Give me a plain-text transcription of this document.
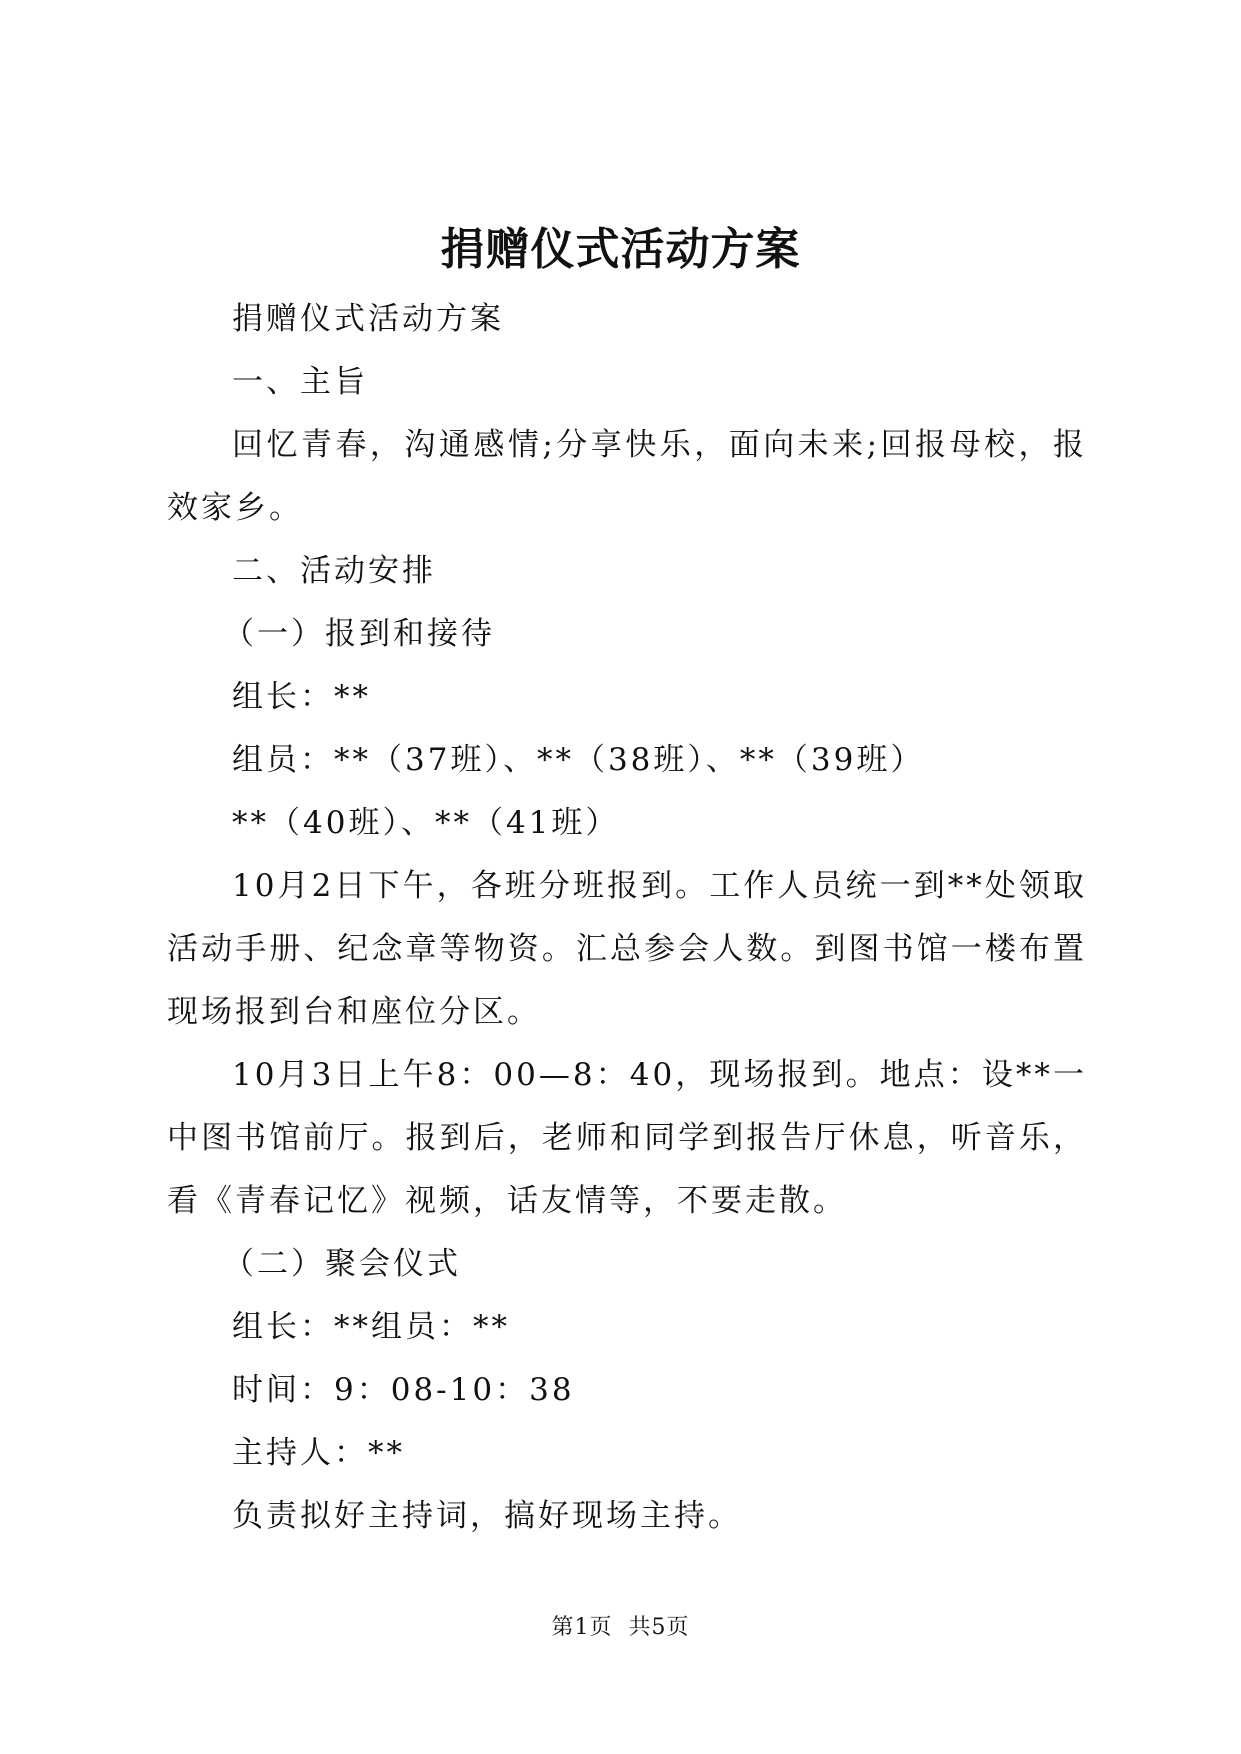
捐赠仪式活动方案

捐赠仪式活动方案

一、主旨

回忆青春，沟通感情;分享快乐，面向未来;回报母校，报效家乡。

二、活动安排

（一）报到和接待

组长：**

组员：**（37班）、**（38班）、**（39班）

**（40班）、**（41班）

10月2日下午，各班分班报到。工作人员统一到**处领取活动手册、纪念章等物资。汇总参会人数。到图书馆一楼布置现场报到台和座位分区。

10月3日上午8：00—8：40，现场报到。地点：设**一中图书馆前厅。报到后，老师和同学到报告厅休息，听音乐，看《青春记忆》视频，话友情等，不要走散。

（二）聚会仪式

组长：**组员：**

时间：9：08-10：38

主持人：**

负责拟好主持词，搞好现场主持。

第1页 共5页
